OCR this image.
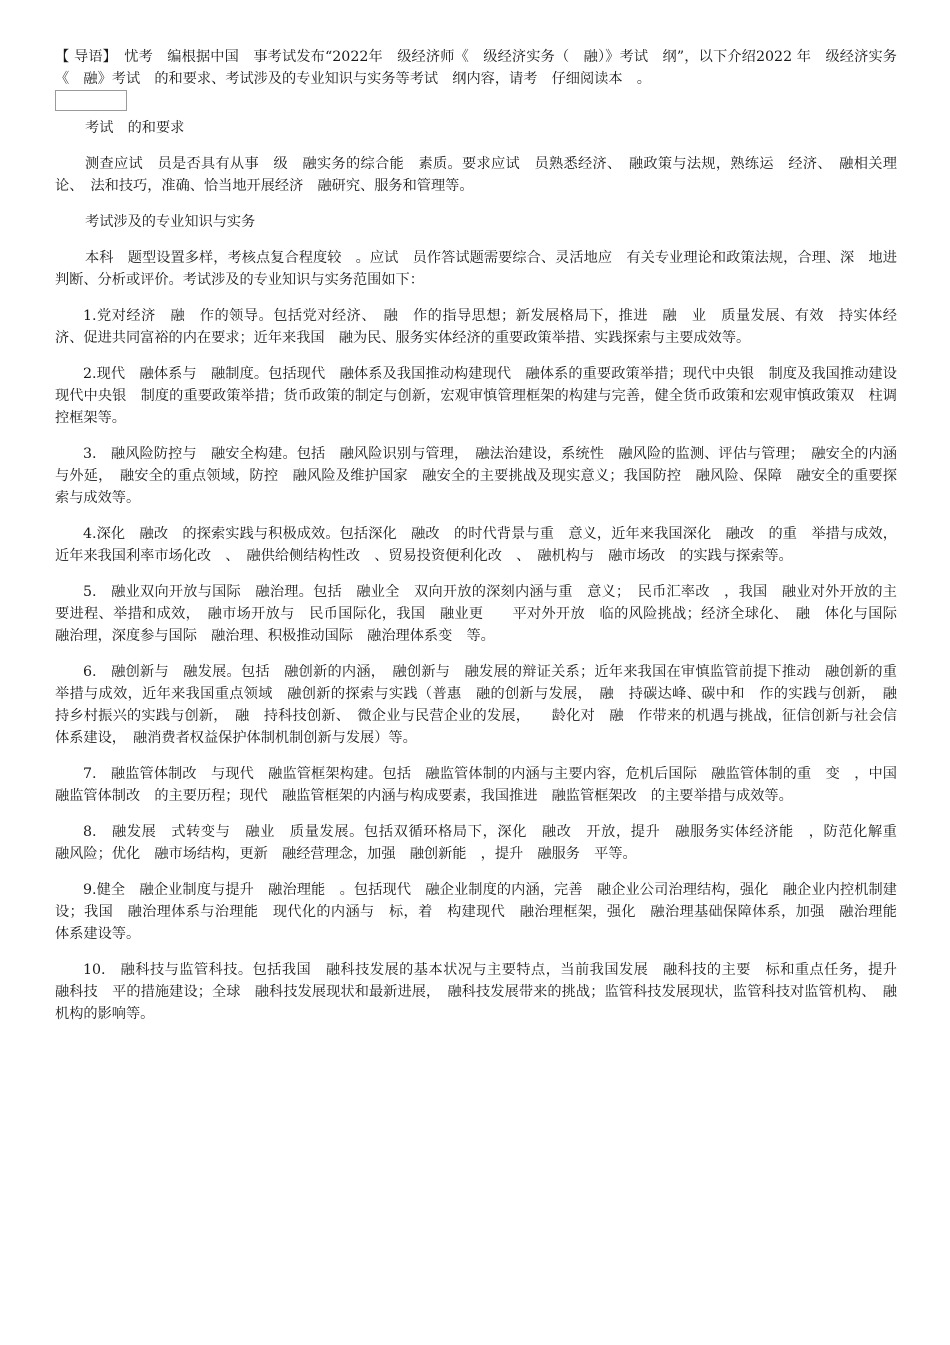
【 导语】　忧考　编根据中国　事考试发布“2022年　级经济师《　级经济实务（　融）》考试　纲”，以下介绍2022 年　级经济实务《　融》考试　的和要求、考试涉及的专业知识与实务等考试　纲内容，请考　仔细阅读本　。

考试　的和要求

测查应试　员是否具有从事　级　融实务的综合能　素质。要求应试　员熟悉经济、　融政策与法规，熟练运　经济、　融相关理论、　法和技巧，准确、恰当地开展经济　融研究、服务和管理等。

考试涉及的专业知识与实务

本科　题型设置多样，考核点复合程度较　。应试　员作答试题需要综合、灵活地应　有关专业理论和政策法规，合理、深　地进　判断、分析或评价。考试涉及的专业知识与实务范围如下：

1.党对经济　融　作的领导。包括党对经济、　融　作的指导思想；新发展格局下，推进　融　业　质量发展、有效　持实体经济、促进共同富裕的内在要求；近年来我国　融为民、服务实体经济的重要政策举措、实践探索与主要成效等。

2.现代　融体系与　融制度。包括现代　融体系及我国推动构建现代　融体系的重要政策举措；现代中央银　制度及我国推动建设现代中央银　制度的重要政策举措；货币政策的制定与创新，宏观审慎管理框架的构建与完善，健全货币政策和宏观审慎政策双　柱调控框架等。

3.　融风险防控与　融安全构建。包括　融风险识别与管理，　融法治建设，系统性　融风险的监测、评估与管理；　融安全的内涵与外延，　融安全的重点领域，防控　融风险及维护国家　融安全的主要挑战及现实意义；我国防控　融风险、保障　融安全的重要探索与成效等。

4.深化　融改　的探索实践与积极成效。包括深化　融改　的时代背景与重　意义，近年来我国深化　融改　的重　举措与成效，近年来我国利率市场化改　、　融供给侧结构性改　、贸易投资便利化改　、　融机构与　融市场改　的实践与探索等。

5.　融业双向开放与国际　融治理。包括　融业全　双向开放的深刻内涵与重　意义；　民币汇率改　，我国　融业对外开放的主要进程、举措和成效，　融市场开放与　民币国际化，我国　融业更　　平对外开放　临的风险挑战；经济全球化、　融　体化与国际　融治理，深度参与国际　融治理、积极推动国际　融治理体系变　等。

6.　融创新与　融发展。包括　融创新的内涵，　融创新与　融发展的辩证关系；近年来我国在审慎监管前提下推动　融创新的重　举措与成效，近年来我国重点领域　融创新的探索与实践（普惠　融的创新与发展，　融　持碳达峰、碳中和　作的实践与创新，　融　持乡村振兴的实践与创新，　融　持科技创新、　微企业与民营企业的发展，　　龄化对　融　作带来的机遇与挑战，征信创新与社会信　体系建设，　融消费者权益保护体制机制创新与发展）等。

7.　融监管体制改　与现代　融监管框架构建。包括　融监管体制的内涵与主要内容，危机后国际　融监管体制的重　变　，中国　融监管体制改　的主要历程；现代　融监管框架的内涵与构成要素，我国推进　融监管框架改　的主要举措与成效等。

8.　融发展　式转变与　融业　质量发展。包括双循环格局下，深化　融改　开放，提升　融服务实体经济能　，防范化解重　　融风险；优化　融市场结构，更新　融经营理念，加强　融创新能　，提升　融服务　平等。

9.健全　融企业制度与提升　融治理能　。包括现代　融企业制度的内涵，完善　融企业公司治理结构，强化　融企业内控机制建设；我国　融治理体系与治理能　现代化的内涵与　标，着　构建现代　融治理框架，强化　融治理基础保障体系，加强　融治理能　体系建设等。

10.　融科技与监管科技。包括我国　融科技发展的基本状况与主要特点，当前我国发展　融科技的主要　标和重点任务，提升　融科技　平的措施建设；全球　融科技发展现状和最新进展，　融科技发展带来的挑战；监管科技发展现状，监管科技对监管机构、　融机构的影响等。
